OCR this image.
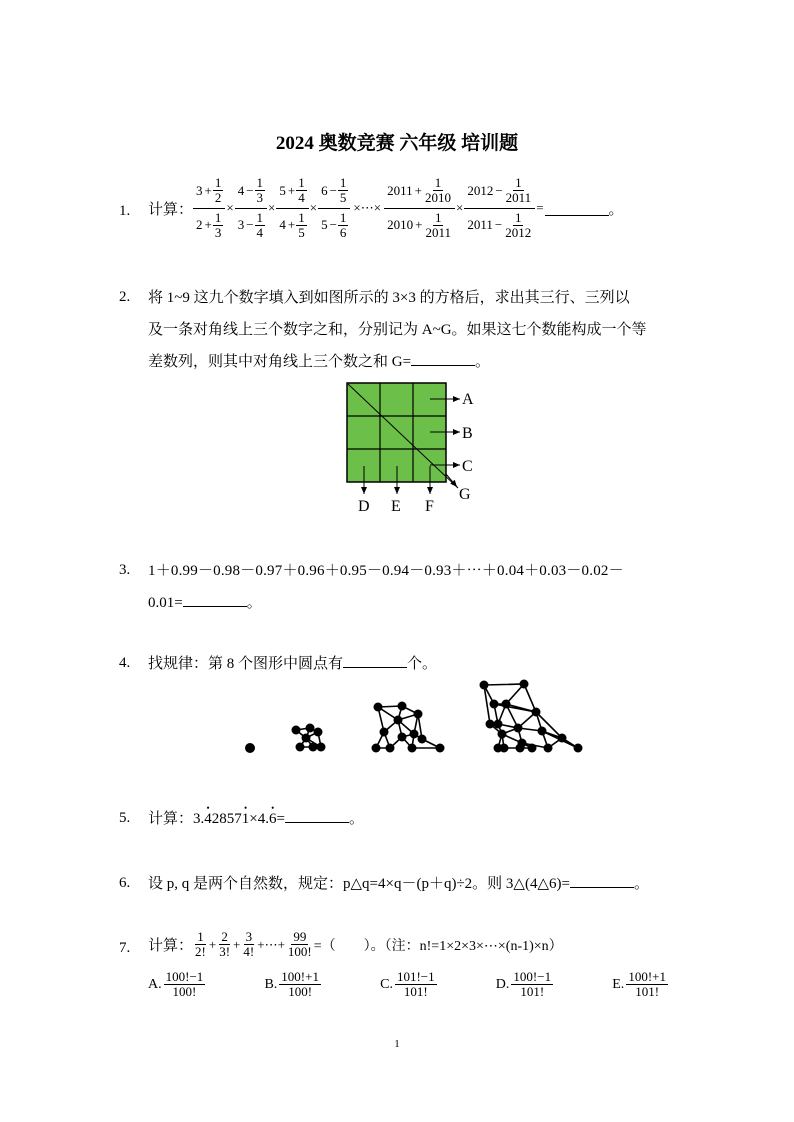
2024 奥数竞赛 六年级 培训题
1. 计算： $\frac{3 + \frac{1}{2}}{2 + \frac{1}{3}} \times \frac{4 - \frac{1}{3}}{3 - \frac{1}{4}} \times \frac{5 + \frac{1}{4}}{4 + \frac{1}{5}} \times \frac{6 - \frac{1}{5}}{5 - \frac{1}{6}}$ ×⋯× $\frac{2011 + \frac{1}{2010}}{2010 + \frac{1}{2011}} \times \frac{2012 - \frac{1}{2011}}{2011 - \frac{1}{2012}}$ =	。
2. 将 1~9 这九个数字填入到如图所示的 3×3 的方格后，求出其三行、三列以
及一条对角线上三个数字之和，分别记为 A~G。如果这七个数能构成一个等
差数列，则其中对角线上三个数之和 G=	。
A
B
C
G
D E F
3. 1＋0.99－0.98－0.97＋0.96＋0.95－0.94－0.93＋⋯＋0.04＋0.03－0.02－
0.01=	。
4. 找规律：第 8 个图形中圆点有	个。
5. 计算：3.• 42857• 1×4.• 6=	。
6. 设 p, q 是两个自然数，规定：p△q=4×q－(p＋q)÷2。则 3△(4△6)=	。
7. 计算： $\frac{1}{2!} + \frac{2}{3!} + \frac{3}{4!}$ +⋯+ $\frac{99}{100!}$ =（　　）。（注：n!=1×2×3×⋯×(n-1)×n）
A. $\frac{100!-1}{100!}$	B. $\frac{100!+1}{100!}$	C. $\frac{101!-1}{101!}$	D. $\frac{100!-1}{101!}$	E. $\frac{100!+1}{101!}$
1
